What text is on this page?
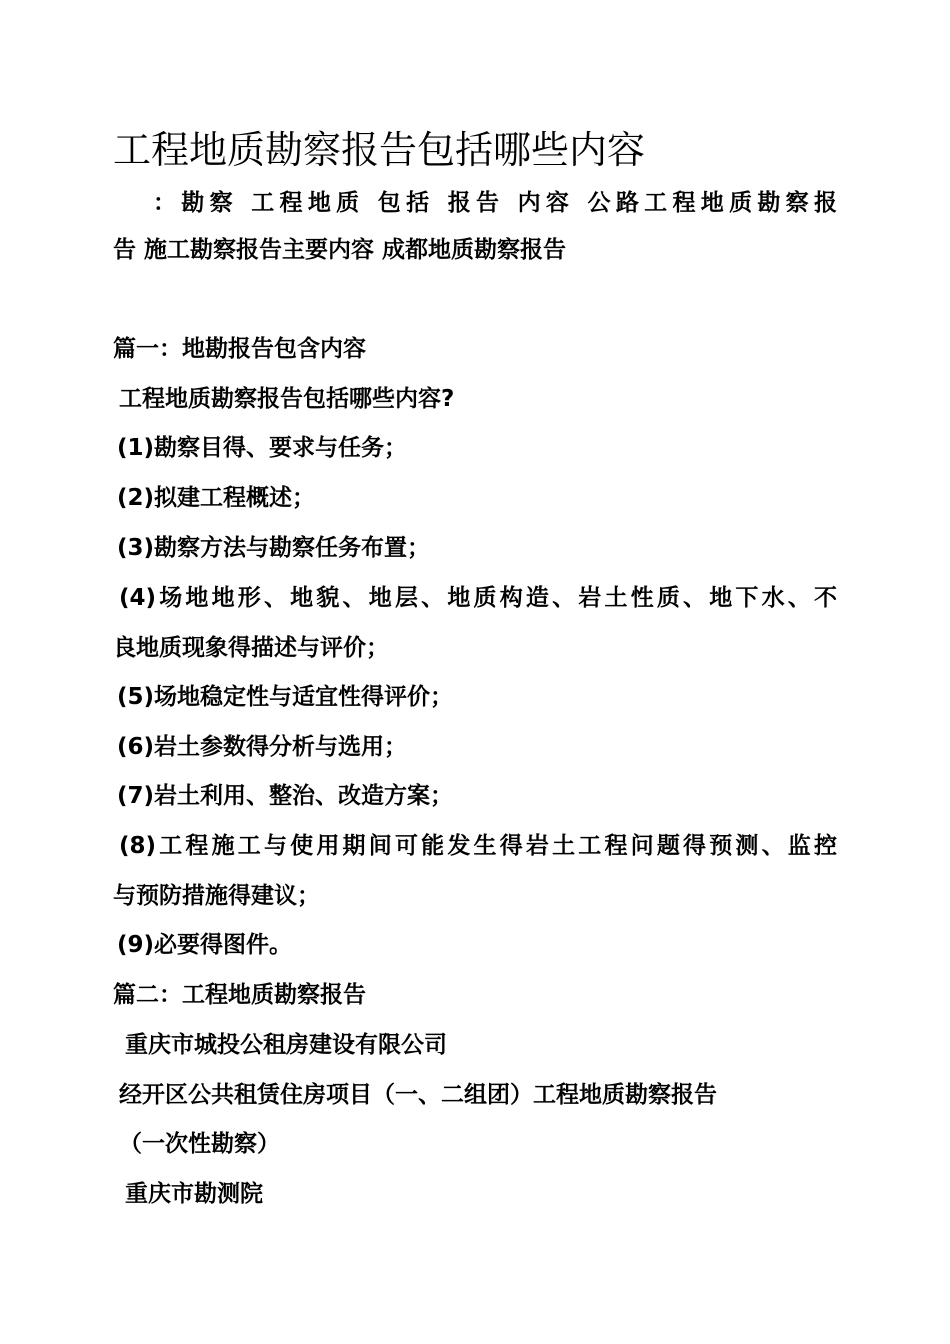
工程地质勘察报告包括哪些内容
：勘察 工程地质 包括 报告 内容 公路工程地质勘察报
告 施工勘察报告主要内容 成都地质勘察报告
篇一：地勘报告包含内容
工程地质勘察报告包括哪些内容?
(1)勘察目得、要求与任务；
(2)拟建工程概述；
(3)勘察方法与勘察任务布置；
(4)场地地形、地貌、地层、地质构造、岩土性质、地下水、不
良地质现象得描述与评价；
(5)场地稳定性与适宜性得评价；
(6)岩土参数得分析与选用；
(7)岩土利用、整治、改造方案；
(8)工程施工与使用期间可能发生得岩土工程问题得预测、监控
与预防措施得建议；
(9)必要得图件。
篇二：工程地质勘察报告
重庆市城投公租房建设有限公司
经开区公共租赁住房项目（一、二组团）工程地质勘察报告
（一次性勘察）
重庆市勘测院
